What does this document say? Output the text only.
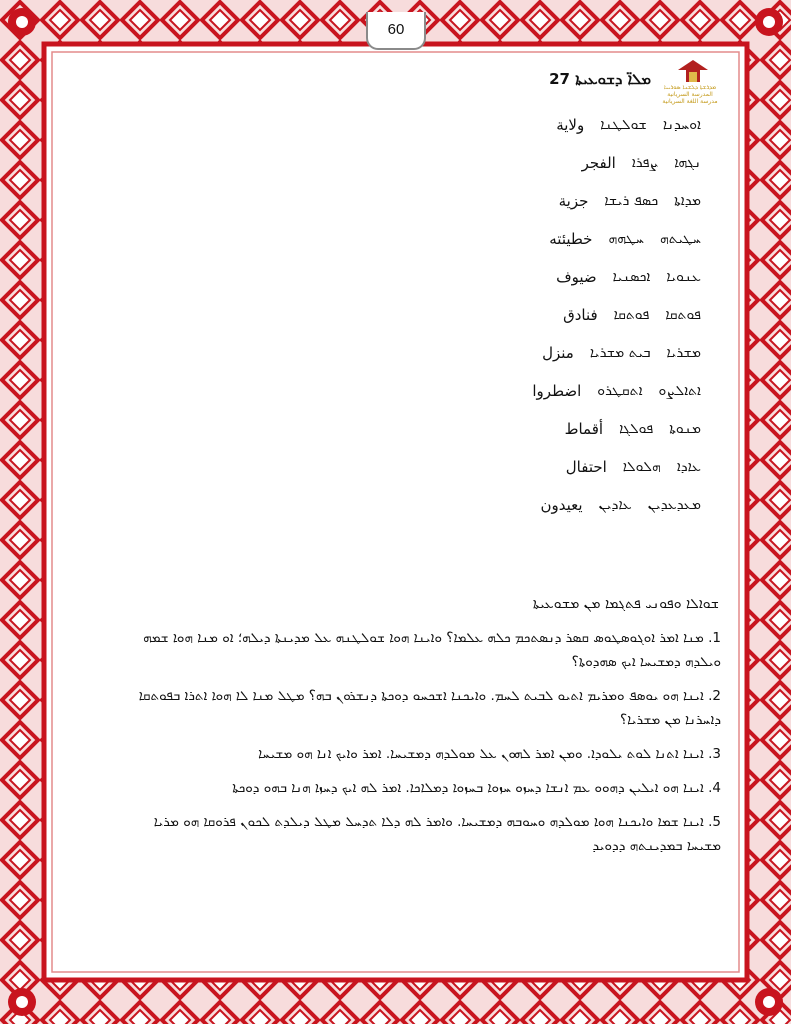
60
ܡܕܪܫܬܐ ܕܠܫܢܐ ܣܘܪܝܝܐ
المدرسة السريانية
مدرسة اللغة السريانية
ܡܠܐ̈ ܕܫܘܥܝܬܐ 27
ܐܘܚܕܢܐ
ܫܘܠܛܢܐ
ولاية
ܢܓܗܐ
ܨܦܪܐ
الفجر
ܡܕܐܬܐ
ܟܣܦ ܪܝܫܐ
جزية
ܚܛܝܬܗ
ܚܛܗܗ
خطيئته
ܥܢܘܝܐ
ܐܟܣܢܝܐ
ضيوف
ܦܘܬܩܐ
ܦܘܬܩܐ
فنادق
ܡܫܪܝܐ
ܒܝܬ ܡܫܪܝܐ
منزل
ܐܬܐܠܨܘ
ܐܬܩܛܪܘ
اضطروا
ܡܢܘܬܐ
ܦܘܠܓܐ
أقماط
ܥܐܕܐ
ܗܠܘܠܐ
احتفال
ܡܥܕܥܕܝܢ
ܥܐܕܝܢ
يعيدون
ܫܘܐܠܐ ܘܦܘܢܝ ܦܬܓܡܐ ܡܢ ܡܫܘܥܝܬܐ
1. ܡܢܐ ܐܡܪ ܐܘܓܘܣܛܘܣ ܩܣܪ ܕܢܣܬܟܡ ܟܠܗ ܥܠܡܐ؟ ܘܐܝܢܐ ܗܘܐ ܫܘܠܛܢܗ ܥܠ ܡܕܝܢܬܐ ܕܝܠܗ؛ ܐܘ ܡܢܐ ܗܘܐ ܫܡܗ ܘܝܠܕܗ ܕܡܫܝܚܐ ܐܝܟ ܣܗܕܘܬܐ؟
2. ܐܝܢܐ ܗܘ ܝܘܣܦ ܘܡܪܝܡ ܐܬܝܘ ܠܒܝܬ ܠܚܡ. ܘܐܝܟܢܐ ܐܫܟܚܘ ܕܘܟܬܐ ܕܢܫܪܘܢ ܒܗ؟ ܡܛܠ ܡܢܐ ܠܐ ܗܘܐ ܐܬܪܐ ܒܦܘܬܩܐ ܕܐܚܪܢܐ ܡܢ ܡܫܪܝܐ؟
3. ܐܝܢܐ ܐܬܢܐ ܠܘܬ ܝܠܘܕܐ. ܘܡܢ ܐܡܪ ܠܗܘܢ ܥܠ ܡܘܠܕܗ ܕܡܫܝܚܐ. ܐܡܪ ܘܐܝܟ ܐܢܐ ܗܘ ܡܫܝܚܐ
4. ܐܝܢܐ ܗܘ ܐܝܠܝܢ ܕܗܘܘ ܥܡ ܐܢܫܐ ܕܚܙܘ ܚܙܘܐ ܒܚܙܘܐ ܕܡܠܐܟܐ. ܐܡܪ ܠܗ ܐܝܟ ܕܚܙܐ ܗܢܐ ܒܗܘ ܕܘܟܬܐ
5. ܐܝܢܐ ܫܡܐ ܘܐܝܟܢܐ ܗܘܐ ܡܘܠܕܗ ܘܚܘܒܗ ܕܡܫܝܚܐ. ܘܐܡܪ ܠܗ ܕܠܐ ܬܕܚܠ ܡܛܠ ܕܝܠܕܬ ܠܟܘܢ ܦܪܘܩܐ ܗܘ ܡܪܝܐ ܡܫܝܚܐ ܒܡܕܝܢܬܗ ܕܕܘܝܕ
